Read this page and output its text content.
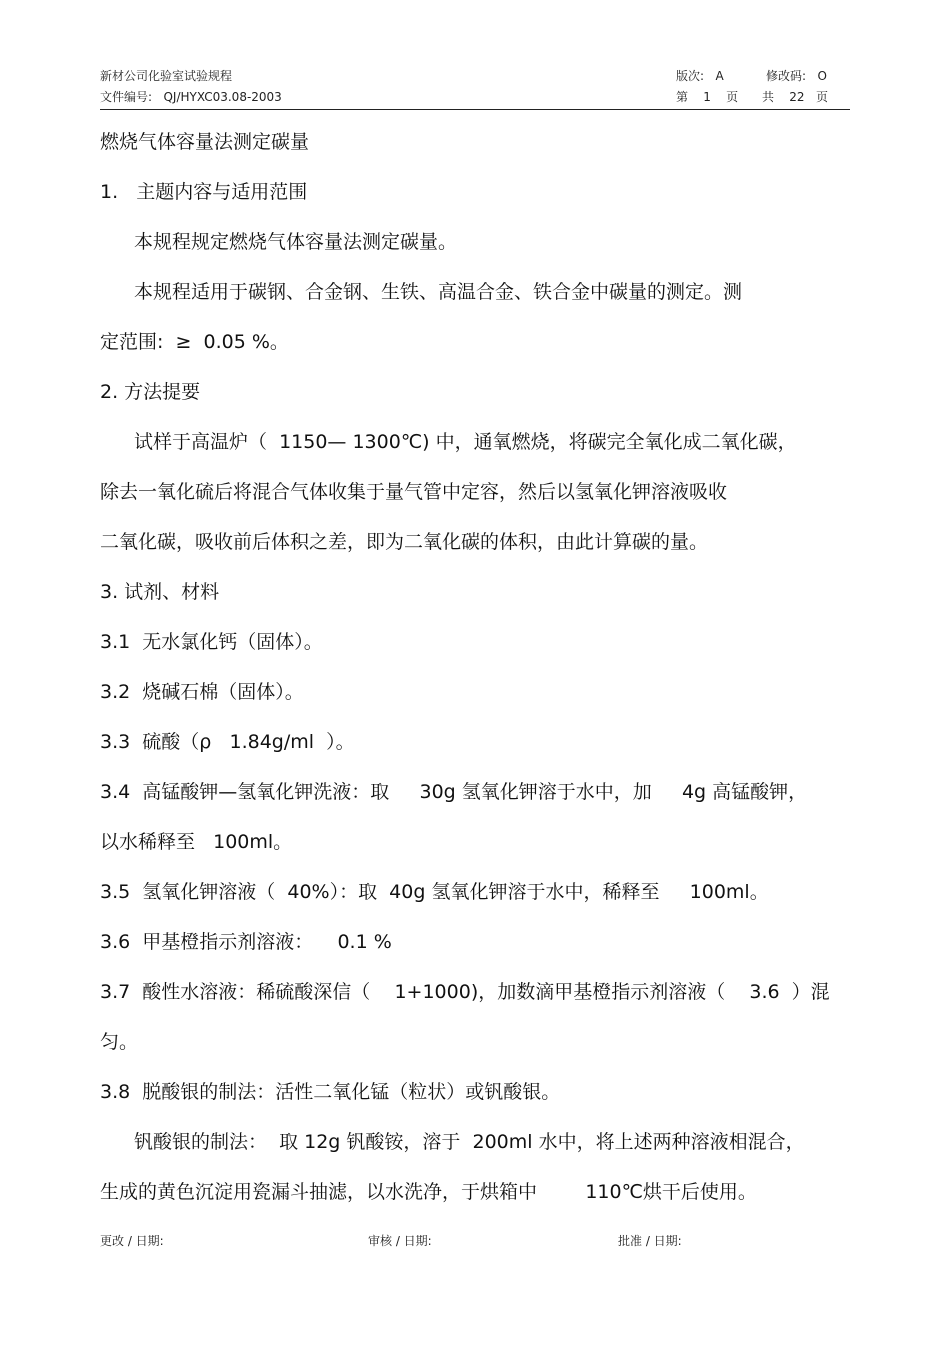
新材公司化验室试验规程
文件编号:   QJ/HYXC03.08-2003
版次:   A	修改码:   O
第    1    页 共    22   页
燃烧气体容量法测定碳量
1.   主题内容与适用范围
本规程规定燃烧气体容量法测定碳量。
本规程适用于碳钢、合金钢、生铁、高温合金、铁合金中碳量的测定。测
定范围:  ≥  0.05 %。
2. 方法提要
试样于高温炉（  1150— 1300℃) 中，通氧燃烧，将碳完全氧化成二氧化碳，
除去一氧化硫后将混合气体收集于量气管中定容，然后以氢氧化钾溶液吸收
二氧化碳，吸收前后体积之差，即为二氧化碳的体积，由此计算碳的量。
3. 试剂、材料
3.1  无水氯化钙（固体）。
3.2  烧碱石棉（固体）。
3.3  硫酸（ρ   1.84g/ml  ）。
3.4  高锰酸钾—氢氧化钾洗液：取     30g 氢氧化钾溶于水中，加     4g 高锰酸钾，
以水稀释至   100ml。
3.5  氢氧化钾溶液（  40%）：取  40g 氢氧化钾溶于水中，稀释至     100ml。
3.6  甲基橙指示剂溶液：    0.1 %
3.7  酸性水溶液：稀硫酸深信（    1+1000)，加数滴甲基橙指示剂溶液（    3.6  ）混
匀。
3.8  脱酸银的制法：活性二氧化锰（粒状）或钒酸银。
钒酸银的制法：  取 12g 钒酸铵，溶于  200ml 水中，将上述两种溶液相混合，
生成的黄色沉淀用瓷漏斗抽滤，以水洗净，于烘箱中        110℃烘干后使用。
更改 / 日期:	审核 / 日期:	批准 / 日期:
